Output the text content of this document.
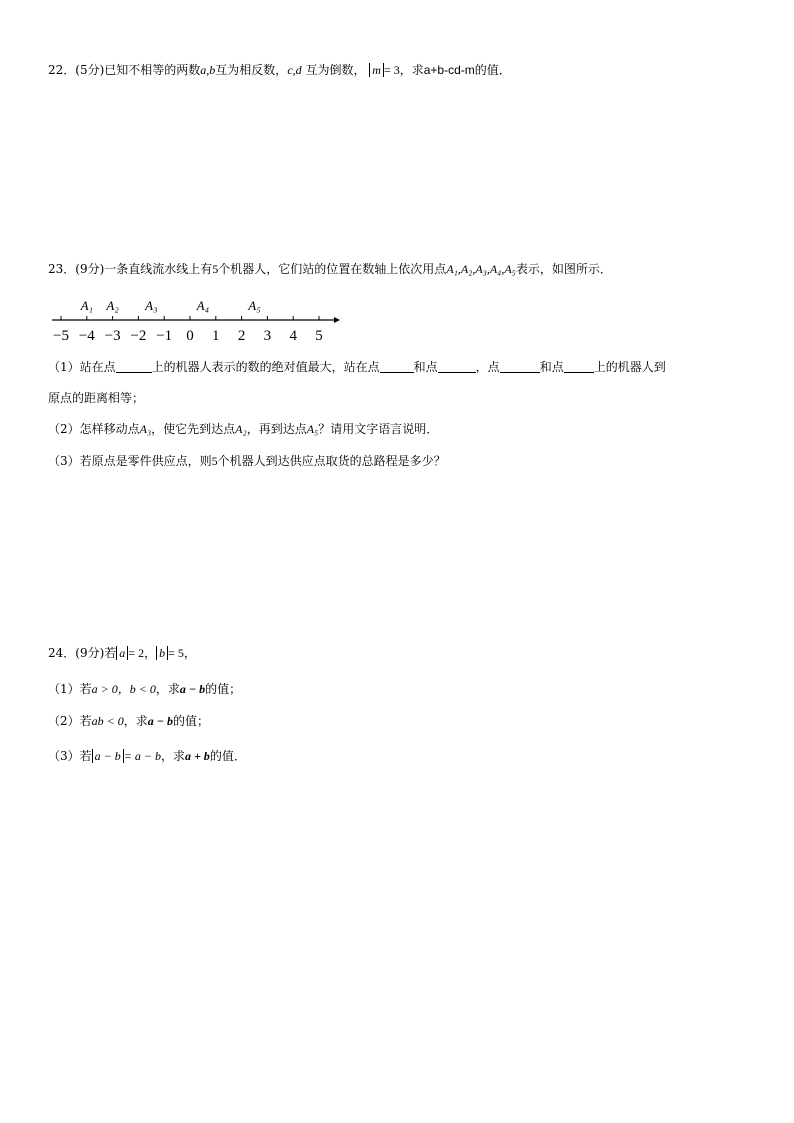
22．(5分)已知不相等的两数a,b互为相反数，c,d 互为倒数， m = 3，求a+b-cd-m的值．
23．(9分)一条直线流水线上有5个机器人，它们站的位置在数轴上依次用点A₁,A₂,A₃,A₄,A₅表示，如图所示．
−5 −4 −3 −2 −1 0 1 2 3 4 5
A₁ A₂ A₃	A₄	A₅
（1）站在点	上的机器人表示的数的绝对值最大，站在点	和点	，点	和点	上的机器人到
原点的距离相等；
（2）怎样移动点A₃，使它先到达点A₂，再到达点A₅？请用文字语言说明．
（3）若原点是零件供应点，则5个机器人到达供应点取货的总路程是多少？
24．(9分)若 a = 2， b = 5，
（1）若a > 0，b < 0，求a − b的值；
（2）若ab < 0，求a − b的值；
（3）若 a − b = a − b，求a + b的值．
